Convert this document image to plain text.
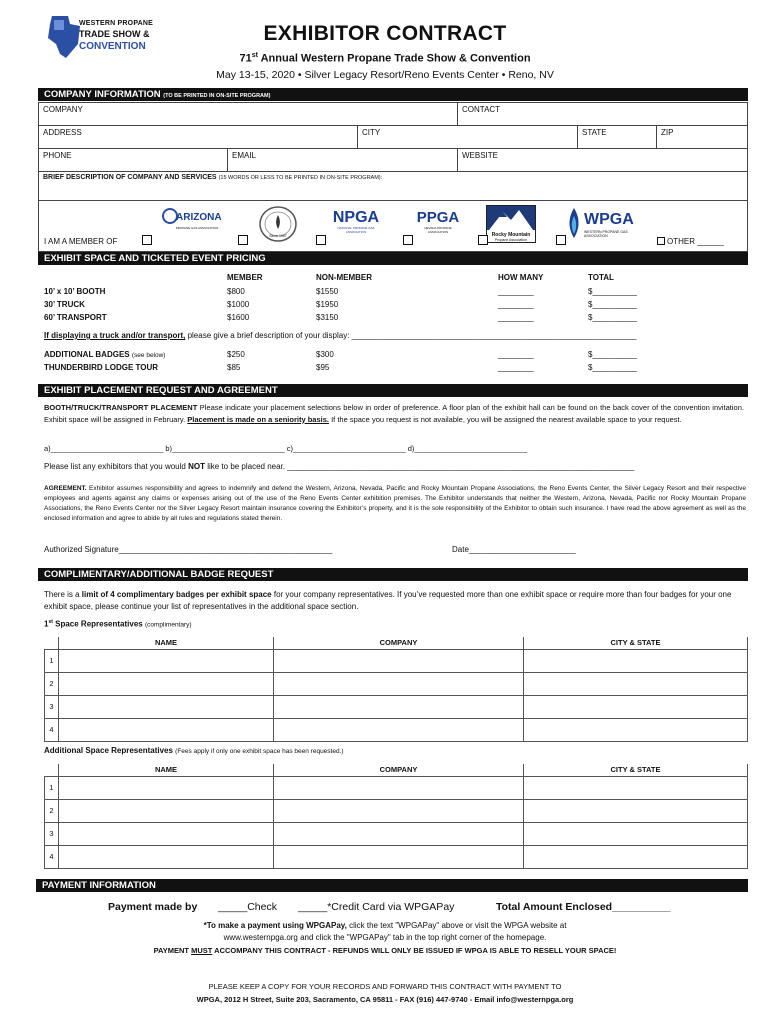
WESTERN PROPANE
TRADE SHOW &
CONVENTION
EXHIBITOR CONTRACT
71st Annual Western Propane Trade Show & Convention
May 13-15, 2020 • Silver Legacy Resort/Reno Events Center • Reno, NV
COMPANY INFORMATION (TO BE PRINTED IN ON-SITE PROGRAM)
COMPANY	CONTACT
ADDRESS	CITY	STATE	ZIP
PHONE	EMAIL	WEBSITE
BRIEF DESCRIPTION OF COMPANY AND SERVICES (15 WORDS OR LESS TO BE PRINTED IN ON-SITE PROGRAM):
ARIZONA
PROPANE GAS ASSOCIATION
Since 1967
NPGA
NATIONAL PROPANE GAS ASSOCIATION
PPGA
NEVADA PROPANE ASSOCIATION	Rocky Mountain
Propane Association
WPGA
WESTERN PROPANE GAS ASSOCIATION
I AM A MEMBER OF	OTHER ______
EXHIBIT SPACE AND TICKETED EVENT PRICING
MEMBER	NON-MEMBER	HOW MANY	TOTAL
10’ x 10’ BOOTH	$800	$1550	________	$__________
30’ TRUCK	$1000	$1950	________	$__________
60’ TRANSPORT	$1600	$3150	________	$__________
If displaying a truck and/or transport, please give a brief description of your display: ________________________________________________________________
ADDITIONAL BADGES (see below)	$250	$300	________	$__________
THUNDERBIRD LODGE TOUR	$85	$95	________	$__________
EXHIBIT PLACEMENT REQUEST AND AGREEMENT
BOOTH/TRUCK/TRANSPORT PLACEMENT Please indicate your placement selections below in order of preference. A floor plan of the exhibit hall can be found on the back cover of the convention invitation. Exhibit space will be assigned in February. Placement is made on a seniority basis. If the space you request is not available, you will be assigned the nearest available space to your request.
a)___________________________ b)___________________________ c)___________________________ d)___________________________
Please list any exhibitors that you would NOT like to be placed near. ______________________________________________________________________________
AGREEMENT. Exhibitor assumes responsibility and agrees to indemnify and defend the Western, Arizona, Nevada, Pacific and Rocky Mountain Propane Associations, the Reno Events Center, the Silver Legacy Resort and their respective employees and agents against any claims or expenses arising out of the use of the Reno Events Center exhibition premises. The Exhibitor understands that neither the Western, Arizona, Nevada, Pacific nor Rocky Mountain Propane Associations, the Reno Events Center nor the Silver Legacy Resort maintain insurance covering the Exhibitor’s property, and it is the sole responsibility of the Exhibitor to obtain such insurance. I have read the above agreement as well as the enclosed information and agree to abide by all rules and regulations stated therein.
Authorized Signature________________________________________________	Date________________________
COMPLIMENTARY/ADDITIONAL BADGE REQUEST
There is a limit of 4 complimentary badges per exhibit space for your company representatives. If you’ve requested more than one exhibit space or require more than four badges for your one exhibit space, please continue your list of representatives in the additional space section.
1st Space Representatives (complimentary)
	NAME	COMPANY	CITY & STATE
1			
2			
3			
4			
Additional Space Representatives (Fees apply if only one exhibit space has been requested.)
	NAME	COMPANY	CITY & STATE
1			
2			
3			
4			
PAYMENT INFORMATION
Payment made by _____Check _____*Credit Card via WPGAPay	Total Amount Enclosed__________
*To make a payment using WPGAPay, click the text "WPGAPay" above or visit the WPGA website at
www.westernpga.org and click the "WPGAPay" tab in the top right corner of the homepage.
PAYMENT MUST ACCOMPANY THIS CONTRACT - REFUNDS WILL ONLY BE ISSUED IF WPGA IS ABLE TO RESELL YOUR SPACE!
PLEASE KEEP A COPY FOR YOUR RECORDS AND FORWARD THIS CONTRACT WITH PAYMENT TO
WPGA, 2012 H Street, Suite 203, Sacramento, CA 95811 - FAX (916) 447-9740 - Email info@westernpga.org
